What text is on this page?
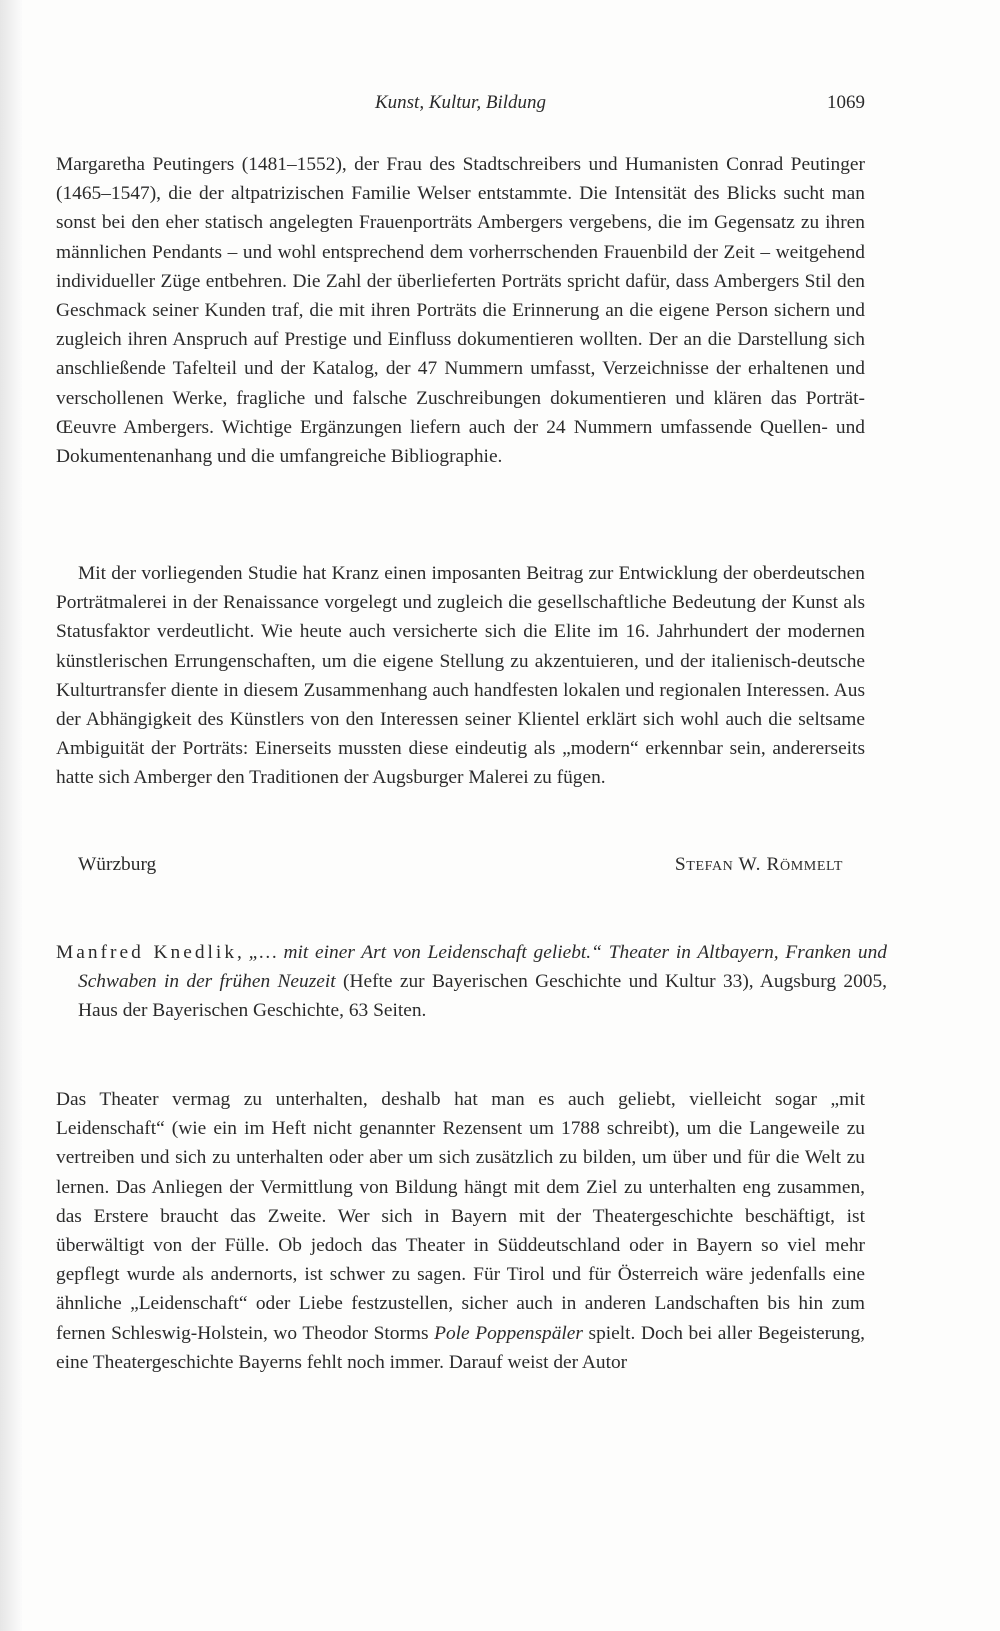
Kunst, Kultur, Bildung	1069

Margaretha Peutingers (1481–1552), der Frau des Stadtschreibers und Humanisten Conrad Peutinger (1465–1547), die der altpatrizischen Familie Welser entstammte. Die Intensität des Blicks sucht man sonst bei den eher statisch angelegten Frauenporträts Ambergers vergebens, die im Gegensatz zu ihren männlichen Pendants – und wohl entsprechend dem vorherrschenden Frauenbild der Zeit – weitgehend individueller Züge entbehren. Die Zahl der überlieferten Porträts spricht dafür, dass Ambergers Stil den Geschmack seiner Kunden traf, die mit ihren Porträts die Erinnerung an die eigene Person sichern und zugleich ihren Anspruch auf Prestige und Einfluss dokumentieren wollten. Der an die Darstellung sich anschließende Tafelteil und der Katalog, der 47 Nummern umfasst, Verzeichnisse der erhaltenen und verschollenen Werke, fragliche und falsche Zuschreibungen dokumentieren und klären das Porträt-Œeuvre Ambergers. Wichtige Ergänzungen liefern auch der 24 Nummern umfassende Quellen- und Dokumentenanhang und die umfangreiche Bibliographie.

Mit der vorliegenden Studie hat Kranz einen imposanten Beitrag zur Entwicklung der oberdeutschen Porträtmalerei in der Renaissance vorgelegt und zugleich die gesellschaftliche Bedeutung der Kunst als Statusfaktor verdeutlicht. Wie heute auch versicherte sich die Elite im 16. Jahrhundert der modernen künstlerischen Errungenschaften, um die eigene Stellung zu akzentuieren, und der italienisch-deutsche Kulturtransfer diente in diesem Zusammenhang auch handfesten lokalen und regionalen Interessen. Aus der Abhängigkeit des Künstlers von den Interessen seiner Klientel erklärt sich wohl auch die seltsame Ambiguität der Porträts: Einerseits mussten diese eindeutig als „modern“ erkennbar sein, andererseits hatte sich Amberger den Traditionen der Augsburger Malerei zu fügen.

Würzburg	Stefan W. Römmelt
Manfred Knedlik, „… mit einer Art von Leidenschaft geliebt.“ Theater in Altbayern, Franken und Schwaben in der frühen Neuzeit (Hefte zur Bayerischen Geschichte und Kultur 33), Augsburg 2005, Haus der Bayerischen Geschichte, 63 Seiten.

Das Theater vermag zu unterhalten, deshalb hat man es auch geliebt, vielleicht sogar „mit Leidenschaft“ (wie ein im Heft nicht genannter Rezensent um 1788 schreibt), um die Langeweile zu vertreiben und sich zu unterhalten oder aber um sich zusätzlich zu bilden, um über und für die Welt zu lernen. Das Anliegen der Vermittlung von Bildung hängt mit dem Ziel zu unterhalten eng zusammen, das Erstere braucht das Zweite. Wer sich in Bayern mit der Theatergeschichte beschäftigt, ist überwältigt von der Fülle. Ob jedoch das Theater in Süddeutschland oder in Bayern so viel mehr gepflegt wurde als andernorts, ist schwer zu sagen. Für Tirol und für Österreich wäre jedenfalls eine ähnliche „Leidenschaft“ oder Liebe festzustellen, sicher auch in anderen Landschaften bis hin zum fernen Schleswig-Holstein, wo Theodor Storms Pole Poppenspäler spielt. Doch bei aller Begeisterung, eine Theatergeschichte Bayerns fehlt noch immer. Darauf weist der Autor
